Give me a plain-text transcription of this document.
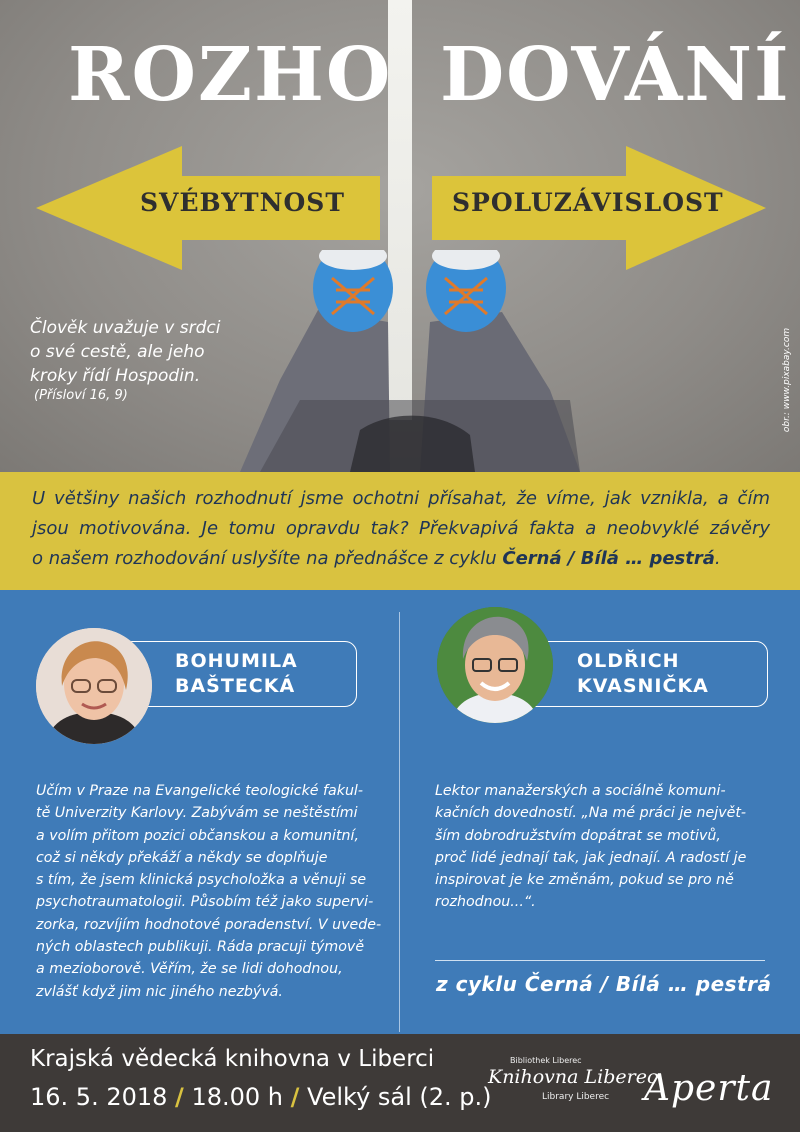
ROZHO DOVÁNÍ
SVÉBYTNOST	SPOLUZÁVISLOST
Člověk uvažuje v srdci
o své cestě, ale jeho
kroky řídí Hospodin.
(Přísloví 16, 9)	obr.: www.pixabay.com

U většiny našich rozhodnutí jsme ochotni přísahat, že víme, jak vznikla, a čím

jsou motivována. Je tomu opravdu tak? Překvapivá fakta a neobvyklé závěry

o našem rozhodování uslyšíte na přednášce z cyklu Černá / Bílá … pestrá.

BOHUMILA
BAŠTECKÁ
Učím v Praze na Evangelické teologické fakul-
tě Univerzity Karlovy. Zabývám se neštěstími
a volím přitom pozici občanskou a komunitní,
což si někdy překáží a někdy se doplňuje
s tím, že jsem klinická psycholožka a věnuji se
psychotraumatologii. Působím též jako supervi-
zorka, rozvíjím hodnotové poradenství. V uvede-
ných oblastech publikuji. Ráda pracuji týmově
a mezioborově. Věřím, že se lidi dohodnou,
zvlášť když jim nic jiného nezbývá.
OLDŘICH
KVASNIČKA
Lektor manažerských a sociálně komuni-
kačních dovedností. „Na mé práci je největ-
ším dobrodružstvím dopátrat se motivů,
proč lidé jednají tak, jak jednají. A radostí je
inspirovat je ke změnám, pokud se pro ně
rozhodnou...“.
z cyklu Černá / Bílá … pestrá
Krajská vědecká knihovna v Liberci
16. 5. 2018 / 18.00 h / Velký sál (2. p.)
Bibliothek Liberec
Knihovna Liberec
Library Liberec Aperta
